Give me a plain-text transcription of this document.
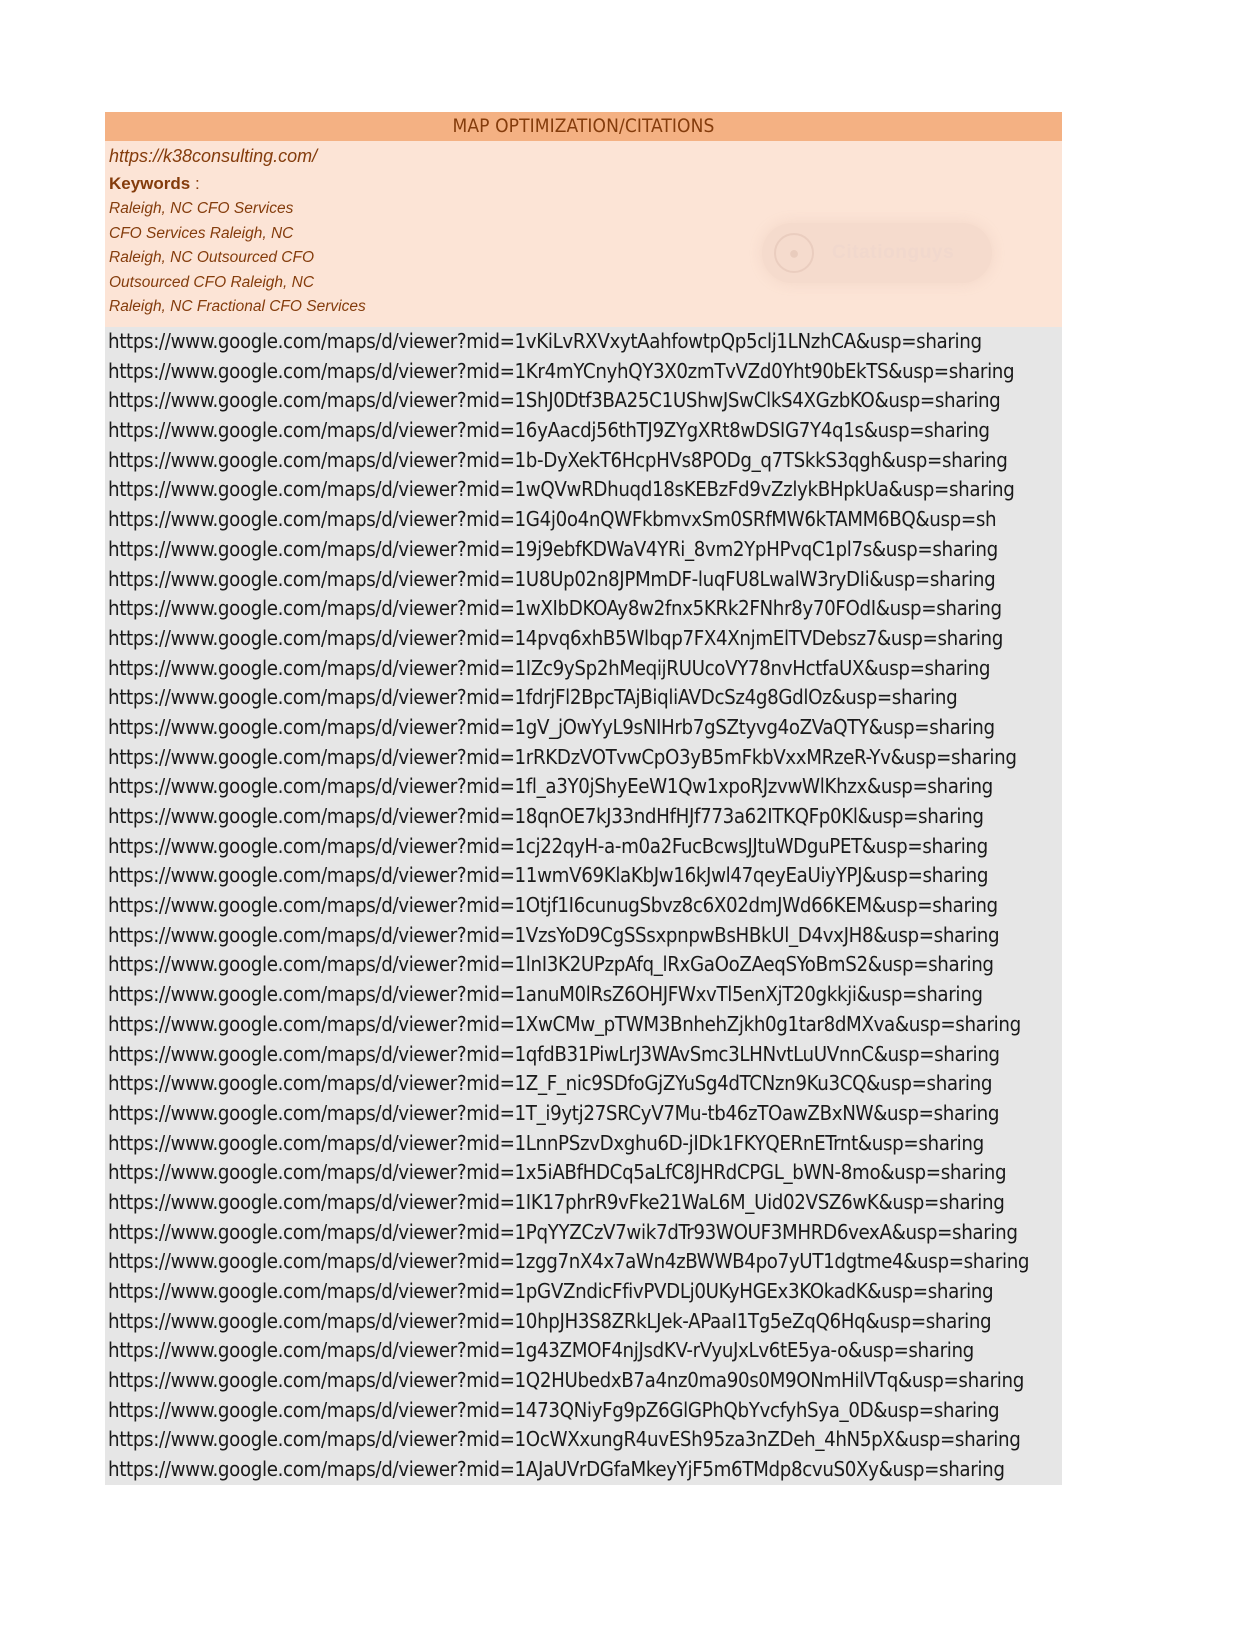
MAP OPTIMIZATION/CITATIONS
https://k38consulting.com/
Keywords :
Raleigh, NC CFO Services
CFO Services Raleigh, NC
Raleigh, NC Outsourced CFO
Outsourced CFO Raleigh, NC
Raleigh, NC Fractional CFO Services
●	Citationguys
https://www.google.com/maps/d/viewer?mid=1vKiLvRXVxytAahfowtpQp5clj1LNzhCA&usp=sharing
https://www.google.com/maps/d/viewer?mid=1Kr4mYCnyhQY3X0zmTvVZd0Yht90bEkTS&usp=sharing
https://www.google.com/maps/d/viewer?mid=1ShJ0Dtf3BA25C1UShwJSwClkS4XGzbKO&usp=sharing
https://www.google.com/maps/d/viewer?mid=16yAacdj56thTJ9ZYgXRt8wDSIG7Y4q1s&usp=sharing
https://www.google.com/maps/d/viewer?mid=1b-DyXekT6HcpHVs8PODg_q7TSkkS3qgh&usp=sharing
https://www.google.com/maps/d/viewer?mid=1wQVwRDhuqd18sKEBzFd9vZzlykBHpkUa&usp=sharing
https://www.google.com/maps/d/viewer?mid=1G4j0o4nQWFkbmvxSm0SRfMW6kTAMM6BQ&usp=sh
https://www.google.com/maps/d/viewer?mid=19j9ebfKDWaV4YRi_8vm2YpHPvqC1pl7s&usp=sharing
https://www.google.com/maps/d/viewer?mid=1U8Up02n8JPMmDF-luqFU8LwalW3ryDIi&usp=sharing
https://www.google.com/maps/d/viewer?mid=1wXIbDKOAy8w2fnx5KRk2FNhr8y70FOdI&usp=sharing
https://www.google.com/maps/d/viewer?mid=14pvq6xhB5Wlbqp7FX4XnjmElTVDebsz7&usp=sharing
https://www.google.com/maps/d/viewer?mid=1IZc9ySp2hMeqijRUUcoVY78nvHctfaUX&usp=sharing
https://www.google.com/maps/d/viewer?mid=1fdrjFl2BpcTAjBiqliAVDcSz4g8GdlOz&usp=sharing
https://www.google.com/maps/d/viewer?mid=1gV_jOwYyL9sNIHrb7gSZtyvg4oZVaQTY&usp=sharing
https://www.google.com/maps/d/viewer?mid=1rRKDzVOTvwCpO3yB5mFkbVxxMRzeR-Yv&usp=sharing
https://www.google.com/maps/d/viewer?mid=1fl_a3Y0jShyEeW1Qw1xpoRJzvwWlKhzx&usp=sharing
https://www.google.com/maps/d/viewer?mid=18qnOE7kJ33ndHfHJf773a62ITKQFp0Kl&usp=sharing
https://www.google.com/maps/d/viewer?mid=1cj22qyH-a-m0a2FucBcwsJJtuWDguPET&usp=sharing
https://www.google.com/maps/d/viewer?mid=11wmV69KlaKbJw16kJwl47qeyEaUiyYPJ&usp=sharing
https://www.google.com/maps/d/viewer?mid=1Otjf1I6cunugSbvz8c6X02dmJWd66KEM&usp=sharing
https://www.google.com/maps/d/viewer?mid=1VzsYoD9CgSSsxpnpwBsHBkUl_D4vxJH8&usp=sharing
https://www.google.com/maps/d/viewer?mid=1lnI3K2UPzpAfq_lRxGaOoZAeqSYoBmS2&usp=sharing
https://www.google.com/maps/d/viewer?mid=1anuM0lRsZ6OHJFWxvTl5enXjT20gkkji&usp=sharing
https://www.google.com/maps/d/viewer?mid=1XwCMw_pTWM3BnhehZjkh0g1tar8dMXva&usp=sharing
https://www.google.com/maps/d/viewer?mid=1qfdB31PiwLrJ3WAvSmc3LHNvtLuUVnnC&usp=sharing
https://www.google.com/maps/d/viewer?mid=1Z_F_nic9SDfoGjZYuSg4dTCNzn9Ku3CQ&usp=sharing
https://www.google.com/maps/d/viewer?mid=1T_i9ytj27SRCyV7Mu-tb46zTOawZBxNW&usp=sharing
https://www.google.com/maps/d/viewer?mid=1LnnPSzvDxghu6D-jIDk1FKYQERnETrnt&usp=sharing
https://www.google.com/maps/d/viewer?mid=1x5iABfHDCq5aLfC8JHRdCPGL_bWN-8mo&usp=sharing
https://www.google.com/maps/d/viewer?mid=1IK17phrR9vFke21WaL6M_Uid02VSZ6wK&usp=sharing
https://www.google.com/maps/d/viewer?mid=1PqYYZCzV7wik7dTr93WOUF3MHRD6vexA&usp=sharing
https://www.google.com/maps/d/viewer?mid=1zgg7nX4x7aWn4zBWWB4po7yUT1dgtme4&usp=sharing
https://www.google.com/maps/d/viewer?mid=1pGVZndicFfivPVDLj0UKyHGEx3KOkadK&usp=sharing
https://www.google.com/maps/d/viewer?mid=10hpJH3S8ZRkLJek-APaaI1Tg5eZqQ6Hq&usp=sharing
https://www.google.com/maps/d/viewer?mid=1g43ZMOF4njJsdKV-rVyuJxLv6tE5ya-o&usp=sharing
https://www.google.com/maps/d/viewer?mid=1Q2HUbedxB7a4nz0ma90s0M9ONmHilVTq&usp=sharing
https://www.google.com/maps/d/viewer?mid=1473QNiyFg9pZ6GlGPhQbYvcfyhSya_0D&usp=sharing
https://www.google.com/maps/d/viewer?mid=1OcWXxungR4uvESh95za3nZDeh_4hN5pX&usp=sharing
https://www.google.com/maps/d/viewer?mid=1AJaUVrDGfaMkeyYjF5m6TMdp8cvuS0Xy&usp=sharing
